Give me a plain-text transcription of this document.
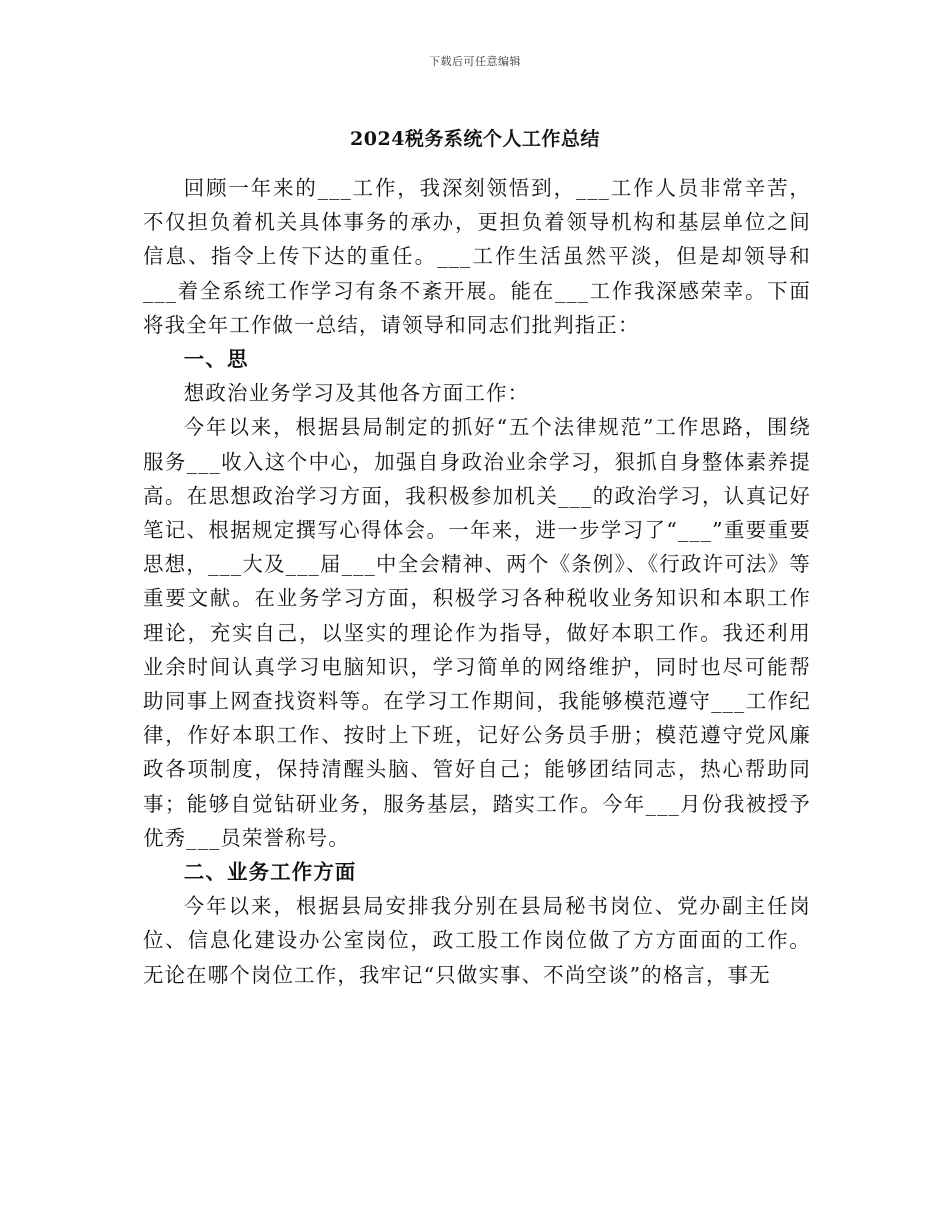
下载后可任意编辑
2024税务系统个人工作总结

回顾一年来的___工作，我深刻领悟到，___工作人员非常辛苦，不仅担负着机关具体事务的承办，更担负着领导机构和基层单位之间信息、指令上传下达的重任。___工作生活虽然平淡，但是却领导和___着全系统工作学习有条不紊开展。能在___工作我深感荣幸。下面将我全年工作做一总结，请领导和同志们批判指正：

一、思

想政治业务学习及其他各方面工作：

今年以来，根据县局制定的抓好“五个法律规范”工作思路，围绕服务___收入这个中心，加强自身政治业余学习，狠抓自身整体素养提高。在思想政治学习方面，我积极参加机关___的政治学习，认真记好笔记、根据规定撰写心得体会。一年来，进一步学习了“___”重要重要思想，___大及___届___中全会精神、两个《条例》、《行政许可法》等重要文献。在业务学习方面，积极学习各种税收业务知识和本职工作理论，充实自己，以坚实的理论作为指导，做好本职工作。我还利用业余时间认真学习电脑知识，学习简单的网络维护，同时也尽可能帮助同事上网查找资料等。在学习工作期间，我能够模范遵守___工作纪律，作好本职工作、按时上下班，记好公务员手册；模范遵守党风廉政各项制度，保持清醒头脑、管好自己；能够团结同志，热心帮助同事；能够自觉钻研业务，服务基层，踏实工作。今年___月份我被授予优秀___员荣誉称号。

二、业务工作方面

今年以来，根据县局安排我分别在县局秘书岗位、党办副主任岗位、信息化建设办公室岗位，政工股工作岗位做了方方面面的工作。无论在哪个岗位工作，我牢记“只做实事、不尚空谈”的格言，事无
